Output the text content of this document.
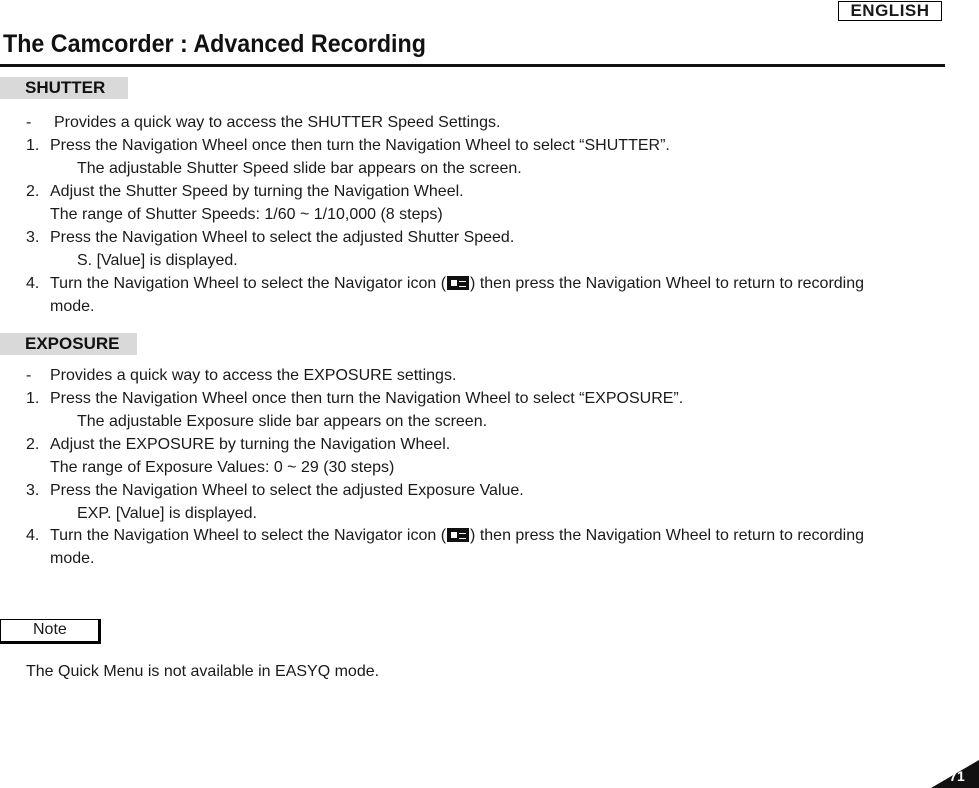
ENGLISH
The Camcorder : Advanced Recording
SHUTTER
- Provides a quick way to access the SHUTTER Speed Settings.
1. Press the Navigation Wheel once then turn the Navigation Wheel to select “SHUTTER”.
The adjustable Shutter Speed slide bar appears on the screen.
2. Adjust the Shutter Speed by turning the Navigation Wheel.
The range of Shutter Speeds: 1/60 ~ 1/10,000 (8 steps)
3. Press the Navigation Wheel to select the adjusted Shutter Speed.
S. [Value] is displayed.
4. Turn the Navigation Wheel to select the Navigator icon ( ) then press the Navigation Wheel to return to recording
mode.
EXPOSURE
- Provides a quick way to access the EXPOSURE settings.
1. Press the Navigation Wheel once then turn the Navigation Wheel to select “EXPOSURE”.
The adjustable Exposure slide bar appears on the screen.
2. Adjust the EXPOSURE by turning the Navigation Wheel.
The range of Exposure Values: 0 ~ 29 (30 steps)
3. Press the Navigation Wheel to select the adjusted Exposure Value.
EXP. [Value] is displayed.
4. Turn the Navigation Wheel to select the Navigator icon ( ) then press the Navigation Wheel to return to recording
mode.
Note
The Quick Menu is not available in EASYQ mode.
71
